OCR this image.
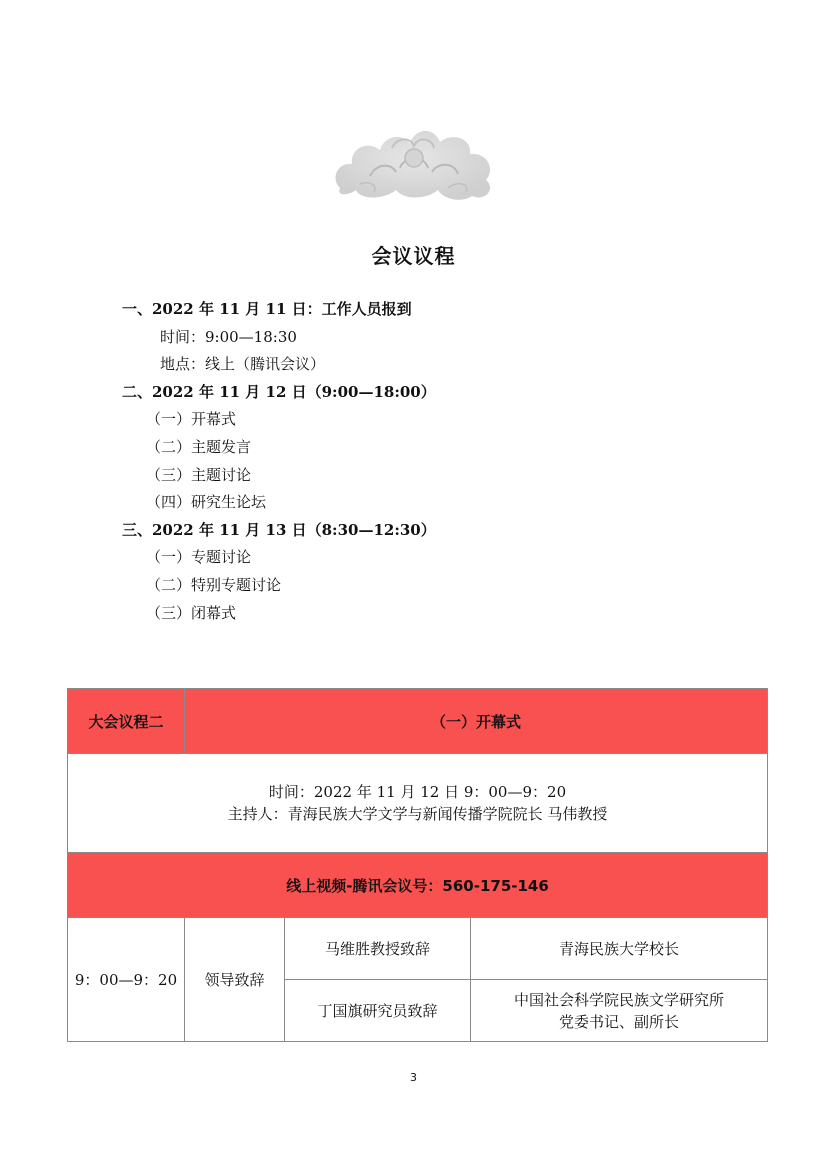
会议议程
一、2022 年 11 月 11 日：工作人员报到
时间：9:00—18:30
地点：线上（腾讯会议）
二、2022 年 11 月 12 日（9:00—18:00）
（一）开幕式
（二）主题发言
（三）主题讨论
（四）研究生论坛
三、2022 年 11 月 13 日（8:30—12:30）
（一）专题讨论
（二）特别专题讨论
（三）闭幕式
大会议程二	（一）开幕式		

时间：2022 年 11 月 12 日 9：00—9：20
主持人：青海民族大学文学与新闻传播学院院长 马伟教授			

线上视频-腾讯会议号：560-175-146			
9：00—9：20	领导致辞	马维胜教授致辞	青海民族大学校长

		丁国旗研究员致辞	中国社会科学院民族文学研究所
党委书记、副所长
3
